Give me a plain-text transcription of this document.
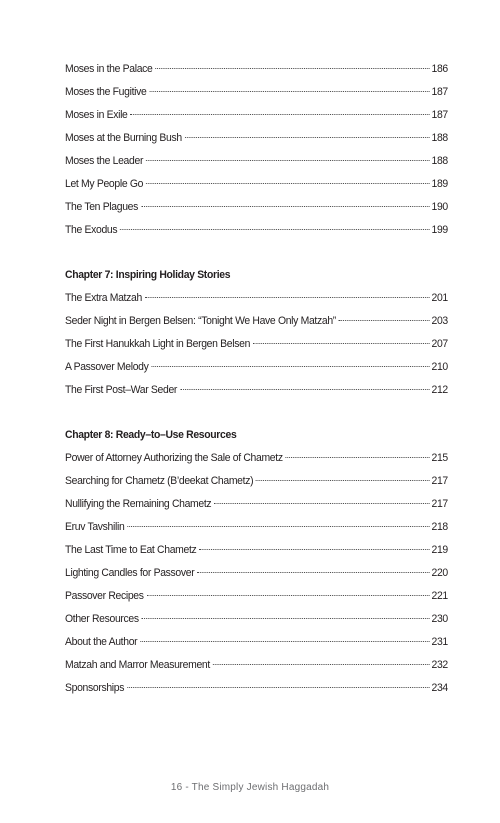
Moses in the Palace	186
Moses the Fugitive	187
Moses in Exile	187
Moses at the Burning Bush	188
Moses the Leader	188
Let My People Go	189
The Ten Plagues	190
The Exodus	199
Chapter 7: Inspiring Holiday Stories
The Extra Matzah	201
Seder Night in Bergen Belsen: “Tonight We Have Only Matzah”	203
The First Hanukkah Light in Bergen Belsen	207
A Passover Melody	210
The First Post–War Seder	212
Chapter 8: Ready–to–Use Resources
Power of Attorney Authorizing the Sale of Chametz	215
Searching for Chametz (B’deekat Chametz)	217
Nullifying the Remaining Chametz	217
Eruv Tavshilin	218
The Last Time to Eat Chametz	219
Lighting Candles for Passover	220
Passover Recipes	221
Other Resources	230
About the Author	231
Matzah and Marror Measurement	232
Sponsorships	234
16 - The Simply Jewish Haggadah
